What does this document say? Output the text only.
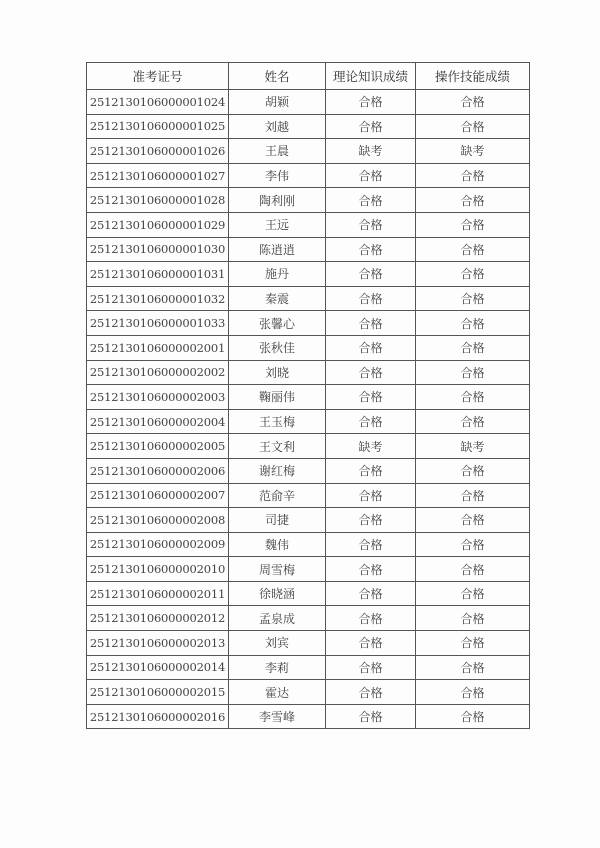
准考证号	姓名	理论知识成绩	操作技能成绩
2512130106000001024	胡颖	合格	合格
2512130106000001025	刘越	合格	合格
2512130106000001026	王晨	缺考	缺考
2512130106000001027	李伟	合格	合格
2512130106000001028	陶利刚	合格	合格
2512130106000001029	王远	合格	合格
2512130106000001030	陈逍逍	合格	合格
2512130106000001031	施丹	合格	合格
2512130106000001032	秦震	合格	合格
2512130106000001033	张馨心	合格	合格
2512130106000002001	张秋佳	合格	合格
2512130106000002002	刘晓	合格	合格
2512130106000002003	鞠丽伟	合格	合格
2512130106000002004	王玉梅	合格	合格
2512130106000002005	王文利	缺考	缺考
2512130106000002006	谢红梅	合格	合格
2512130106000002007	范俞辛	合格	合格
2512130106000002008	司捷	合格	合格
2512130106000002009	魏伟	合格	合格
2512130106000002010	周雪梅	合格	合格
2512130106000002011	徐晓涵	合格	合格
2512130106000002012	孟泉成	合格	合格
2512130106000002013	刘宾	合格	合格
2512130106000002014	李莉	合格	合格
2512130106000002015	霍达	合格	合格
2512130106000002016	李雪峰	合格	合格
